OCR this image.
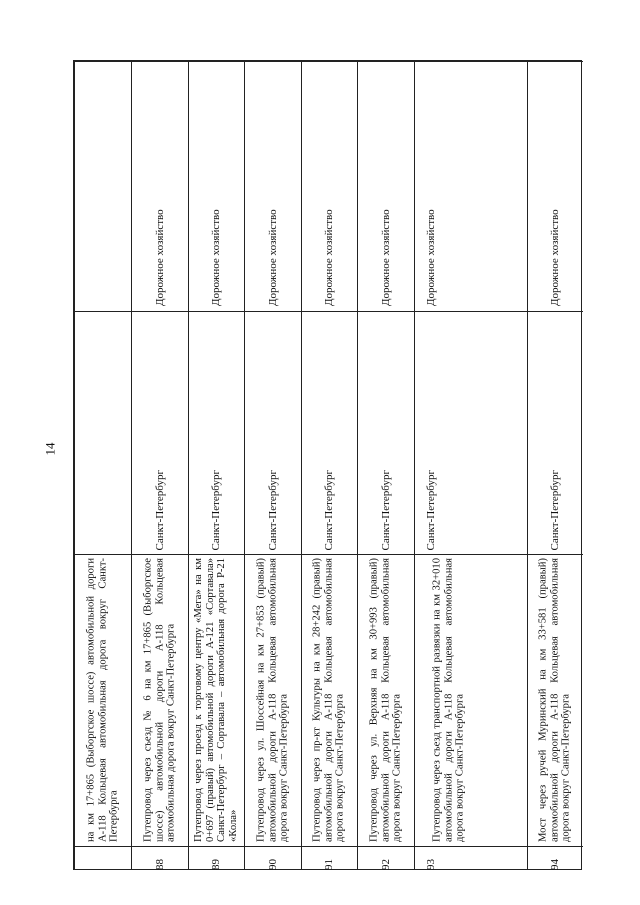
14
на км 17+865 (Выборгское шоссе) автомобильной дороги А-118 Кольцевая автомобильная дорога вокруг Санкт-Петербурга
88
Путепровод через съезд № 6 на км 17+865 (Выборгское шоссе) автомобильной дороги А-118 Кольцевая автомобильная дорога вокруг Санкт-Петербурга
Санкт-Петербург
Дорожное хозяйство
89
Путепровод через проезд к торговому центру «Мега» на км 0+697 (правый) автомобильной дороги А-121 «Сортавала» Санкт-Петербург – Сортавала – автомобильная дорога Р-21 «Кола»
Санкт-Петербург
Дорожное хозяйство
90
Путепровод через ул. Шоссейная на км 27+853 (правый) автомобильной дороги А-118 Кольцевая автомобильная дорога вокруг Санкт-Петербурга
Санкт-Петербург
Дорожное хозяйство
91
Путепровод через пр-кт Культуры на км 28+242 (правый) автомобильной дороги А-118 Кольцевая автомобильная дорога вокруг Санкт-Петербурга
Санкт-Петербург
Дорожное хозяйство
92
Путепровод через ул. Верхняя на км 30+993 (правый) автомобильной дороги А-118 Кольцевая автомобильная дорога вокруг Санкт-Петербурга
Санкт-Петербург
Дорожное хозяйство
93
Путепровод через съезд транспортной развязки на км 32+010 автомобильной дороги А-118 Кольцевая автомобильная дорога вокруг Санкт-Петербурга
Санкт-Петербург
Дорожное хозяйство
94
Мост через ручей Муринский на км 33+581 (правый) автомобильной дороги А-118 Кольцевая автомобильная дорога вокруг Санкт-Петербурга
Санкт-Петербург
Дорожное хозяйство
